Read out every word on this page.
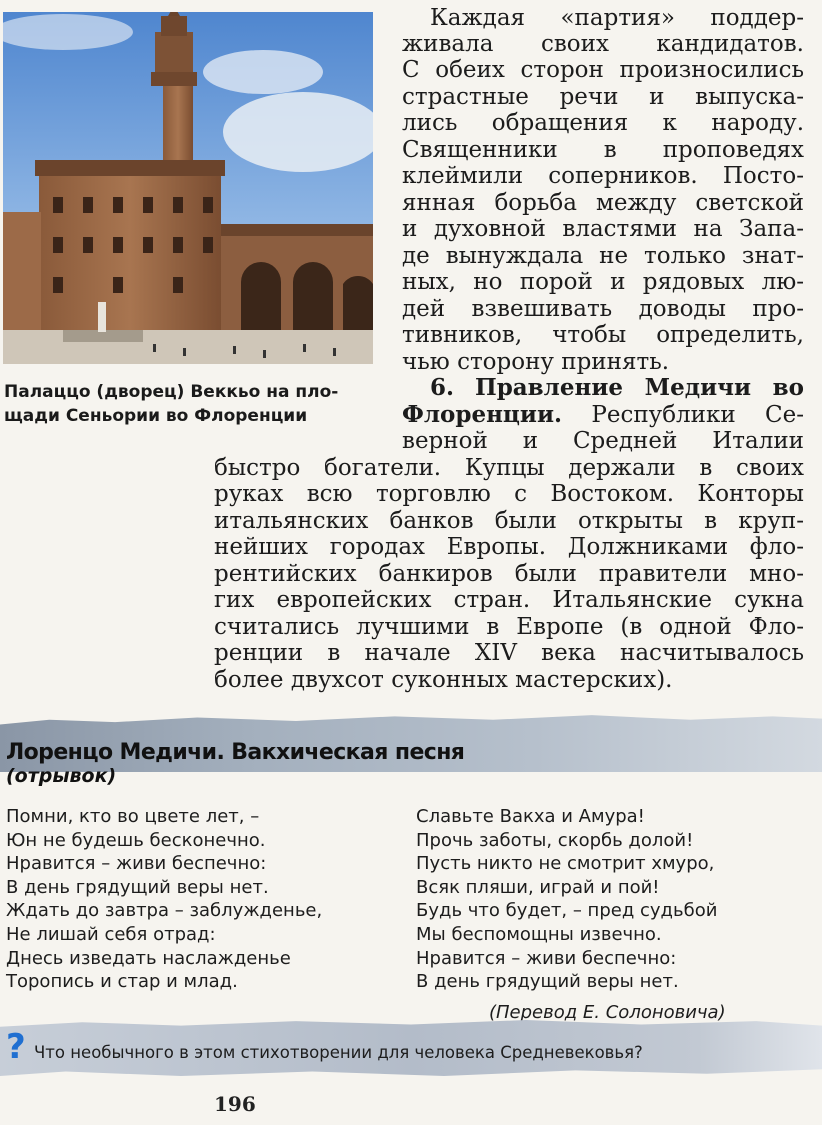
Палаццо (дворец) Веккьо на пло-
щади Сеньории во Флоренции

Каждая «партия» поддер-

живала своих кандидатов.

С обеих сторон произносились

страстные речи и выпуска-

лись обращения к народу.

Священники в проповедях

клеймили соперников. Посто-

янная борьба между светской

и духовной властями на Запа-

де вынуждала не только знат-

ных, но порой и рядовых лю-

дей взвешивать доводы про-

тивников, чтобы определить,

чью сторону принять.

6. Правление Медичи во

Флоренции. Республики Се-

верной и Средней Италии

быстро богатели. Купцы держали в своих

руках всю торговлю с Востоком. Конторы

итальянских банков были открыты в круп-

нейших городах Европы. Должниками фло-

рентийских банкиров были правители мно-

гих европейских стран. Итальянские сукна

считались лучшими в Европе (в одной Фло-

ренции в начале XIV века насчитывалось

более двухсот суконных мастерских).

Лоренцо Медичи. Вакхическая песня

(отрывок)

Помни, кто во цвете лет, –
Юн не будешь бесконечно.
Нравится – живи беспечно:
В день грядущий веры нет.
Ждать до завтра – заблужденье,
Не лишай себя отрад:
Днесь изведать наслажденье
Торопись и стар и млад.
Славьте Вакха и Амура!
Прочь заботы, скорбь долой!
Пусть никто не смотрит хмуро,
Всяк пляши, играй и пой!
Будь что будет, – пред судьбой
Мы беспомощны извечно.
Нравится – живи беспечно:
В день грядущий веры нет.

(Перевод Е. Солоновича)

? Что необычного в этом стихотворении для человека Средневековья?

196
